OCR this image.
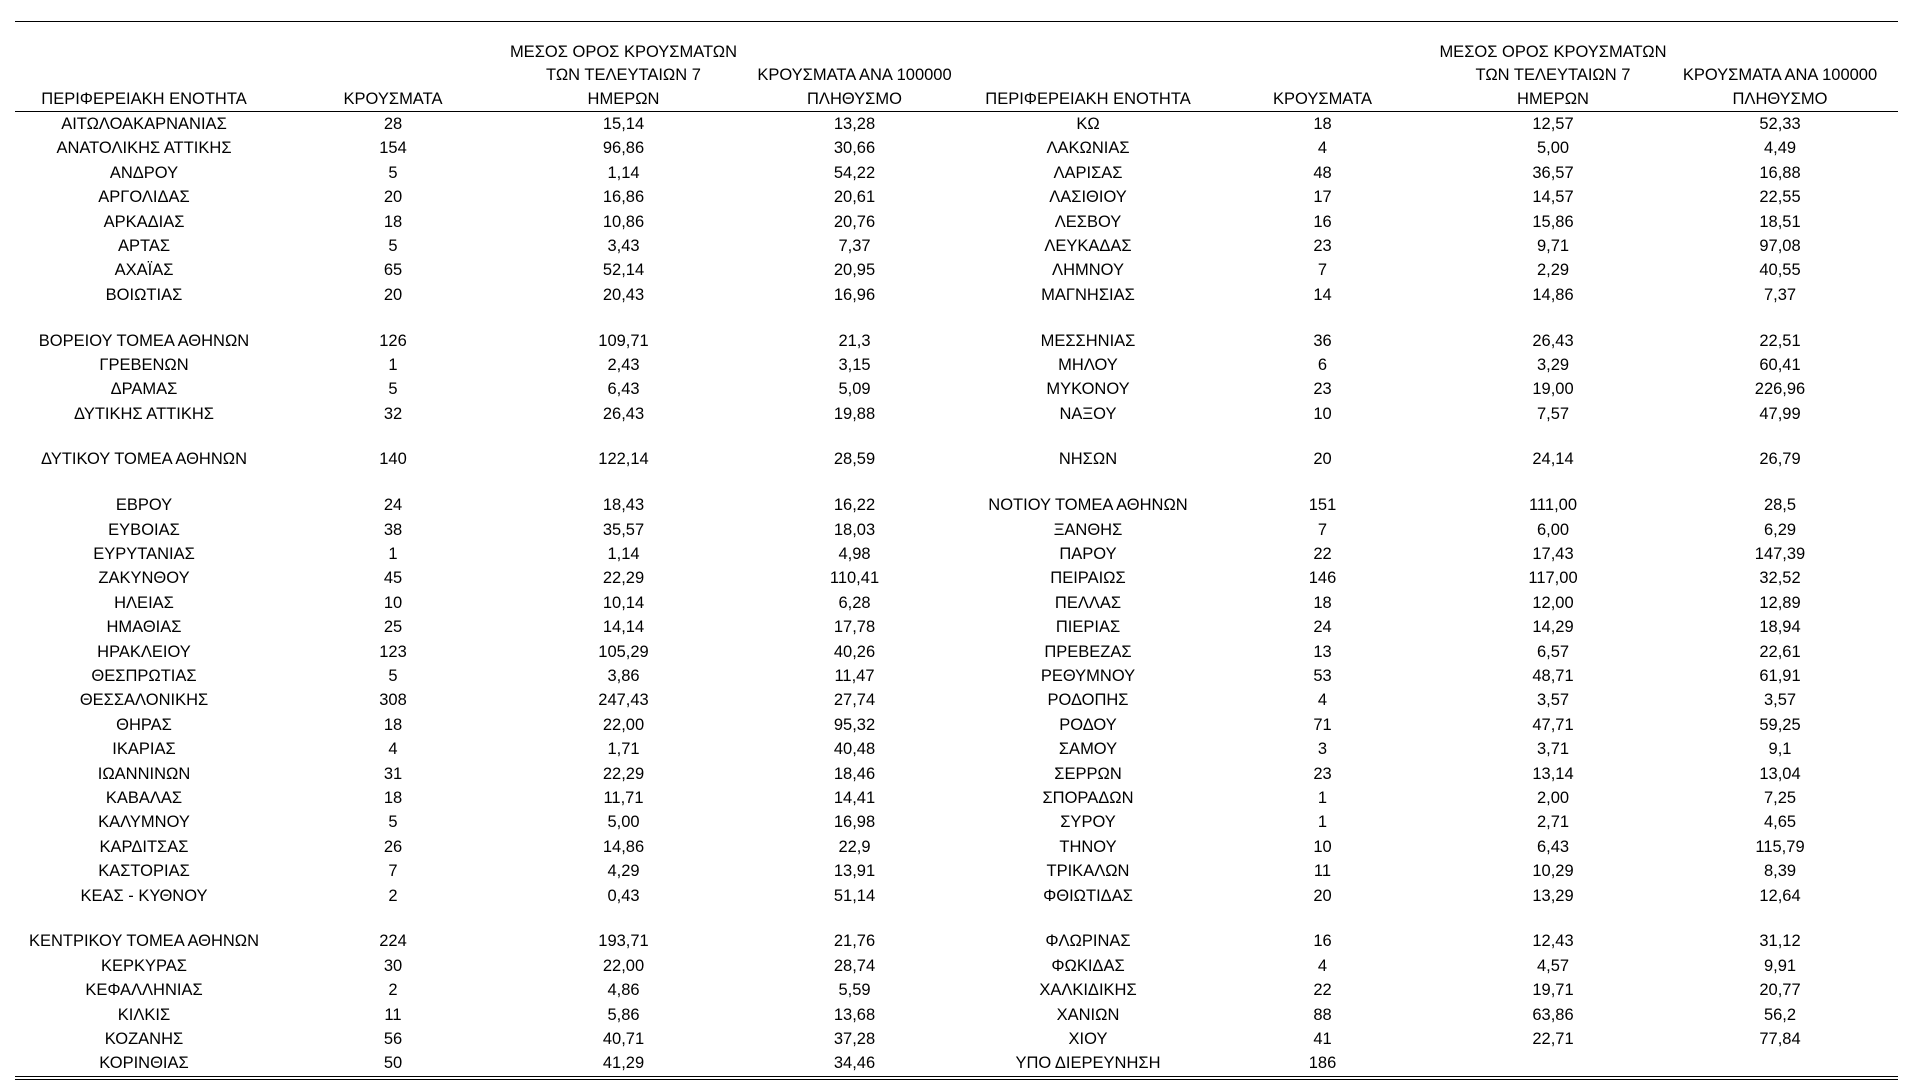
ΠΕΡΙΦΕΡΕΙΑΚΗ ΕΝΟΤΗΤΑ	ΚΡΟΥΣΜΑΤΑ	ΜΕΣΟΣ ΟΡΟΣ ΚΡΟΥΣΜΑΤΩΝ
ΤΩΝ ΤΕΛΕΥΤΑΙΩΝ 7
ΗΜΕΡΩΝ	ΚΡΟΥΣΜΑΤΑ ΑΝΑ 100000
ΠΛΗΘΥΣΜΟ	ΠΕΡΙΦΕΡΕΙΑΚΗ ΕΝΟΤΗΤΑ	ΚΡΟΥΣΜΑΤΑ	ΜΕΣΟΣ ΟΡΟΣ ΚΡΟΥΣΜΑΤΩΝ
ΤΩΝ ΤΕΛΕΥΤΑΙΩΝ 7
ΗΜΕΡΩΝ	ΚΡΟΥΣΜΑΤΑ ΑΝΑ 100000
ΠΛΗΘΥΣΜΟ

ΑΙΤΩΛΟΑΚΑΡΝΑΝΙΑΣ	28	15,14	13,28	ΚΩ	18	12,57	52,33
ΑΝΑΤΟΛΙΚΗΣ ΑΤΤΙΚΗΣ	154	96,86	30,66	ΛΑΚΩΝΙΑΣ	4	5,00	4,49
ΑΝΔΡΟΥ	5	1,14	54,22	ΛΑΡΙΣΑΣ	48	36,57	16,88
ΑΡΓΟΛΙΔΑΣ	20	16,86	20,61	ΛΑΣΙΘΙΟΥ	17	14,57	22,55
ΑΡΚΑΔΙΑΣ	18	10,86	20,76	ΛΕΣΒΟΥ	16	15,86	18,51
ΑΡΤΑΣ	5	3,43	7,37	ΛΕΥΚΑΔΑΣ	23	9,71	97,08
ΑΧΑΪΑΣ	65	52,14	20,95	ΛΗΜΝΟΥ	7	2,29	40,55
ΒΟΙΩΤΙΑΣ	20	20,43	16,96	ΜΑΓΝΗΣΙΑΣ	14	14,86	7,37
ΒΟΡΕΙΟΥ ΤΟΜΕΑ ΑΘΗΝΩΝ	126	109,71	21,3	ΜΕΣΣΗΝΙΑΣ	36	26,43	22,51
ΓΡΕΒΕΝΩΝ	1	2,43	3,15	ΜΗΛΟΥ	6	3,29	60,41
ΔΡΑΜΑΣ	5	6,43	5,09	ΜΥΚΟΝΟΥ	23	19,00	226,96
ΔΥΤΙΚΗΣ ΑΤΤΙΚΗΣ	32	26,43	19,88	ΝΑΞΟΥ	10	7,57	47,99
ΔΥΤΙΚΟΥ ΤΟΜΕΑ ΑΘΗΝΩΝ	140	122,14	28,59	ΝΗΣΩΝ	20	24,14	26,79
ΕΒΡΟΥ	24	18,43	16,22	ΝΟΤΙΟΥ ΤΟΜΕΑ ΑΘΗΝΩΝ	151	111,00	28,5
ΕΥΒΟΙΑΣ	38	35,57	18,03	ΞΑΝΘΗΣ	7	6,00	6,29
ΕΥΡΥΤΑΝΙΑΣ	1	1,14	4,98	ΠΑΡΟΥ	22	17,43	147,39
ΖΑΚΥΝΘΟΥ	45	22,29	110,41	ΠΕΙΡΑΙΩΣ	146	117,00	32,52
ΗΛΕΙΑΣ	10	10,14	6,28	ΠΕΛΛΑΣ	18	12,00	12,89
ΗΜΑΘΙΑΣ	25	14,14	17,78	ΠΙΕΡΙΑΣ	24	14,29	18,94
ΗΡΑΚΛΕΙΟΥ	123	105,29	40,26	ΠΡΕΒΕΖΑΣ	13	6,57	22,61
ΘΕΣΠΡΩΤΙΑΣ	5	3,86	11,47	ΡΕΘΥΜΝΟΥ	53	48,71	61,91
ΘΕΣΣΑΛΟΝΙΚΗΣ	308	247,43	27,74	ΡΟΔΟΠΗΣ	4	3,57	3,57
ΘΗΡΑΣ	18	22,00	95,32	ΡΟΔΟΥ	71	47,71	59,25
ΙΚΑΡΙΑΣ	4	1,71	40,48	ΣΑΜΟΥ	3	3,71	9,1
ΙΩΑΝΝΙΝΩΝ	31	22,29	18,46	ΣΕΡΡΩΝ	23	13,14	13,04
ΚΑΒΑΛΑΣ	18	11,71	14,41	ΣΠΟΡΑΔΩΝ	1	2,00	7,25
ΚΑΛΥΜΝΟΥ	5	5,00	16,98	ΣΥΡΟΥ	1	2,71	4,65
ΚΑΡΔΙΤΣΑΣ	26	14,86	22,9	ΤΗΝΟΥ	10	6,43	115,79
ΚΑΣΤΟΡΙΑΣ	7	4,29	13,91	ΤΡΙΚΑΛΩΝ	11	10,29	8,39
ΚΕΑΣ - ΚΥΘΝΟΥ	2	0,43	51,14	ΦΘΙΩΤΙΔΑΣ	20	13,29	12,64
ΚΕΝΤΡΙΚΟΥ ΤΟΜΕΑ ΑΘΗΝΩΝ	224	193,71	21,76	ΦΛΩΡΙΝΑΣ	16	12,43	31,12
ΚΕΡΚΥΡΑΣ	30	22,00	28,74	ΦΩΚΙΔΑΣ	4	4,57	9,91
ΚΕΦΑΛΛΗΝΙΑΣ	2	4,86	5,59	ΧΑΛΚΙΔΙΚΗΣ	22	19,71	20,77
ΚΙΛΚΙΣ	11	5,86	13,68	ΧΑΝΙΩΝ	88	63,86	56,2
ΚΟΖΑΝΗΣ	56	40,71	37,28	ΧΙΟΥ	41	22,71	77,84
ΚΟΡΙΝΘΙΑΣ	50	41,29	34,46	ΥΠΟ ΔΙΕΡΕΥΝΗΣΗ	186		
